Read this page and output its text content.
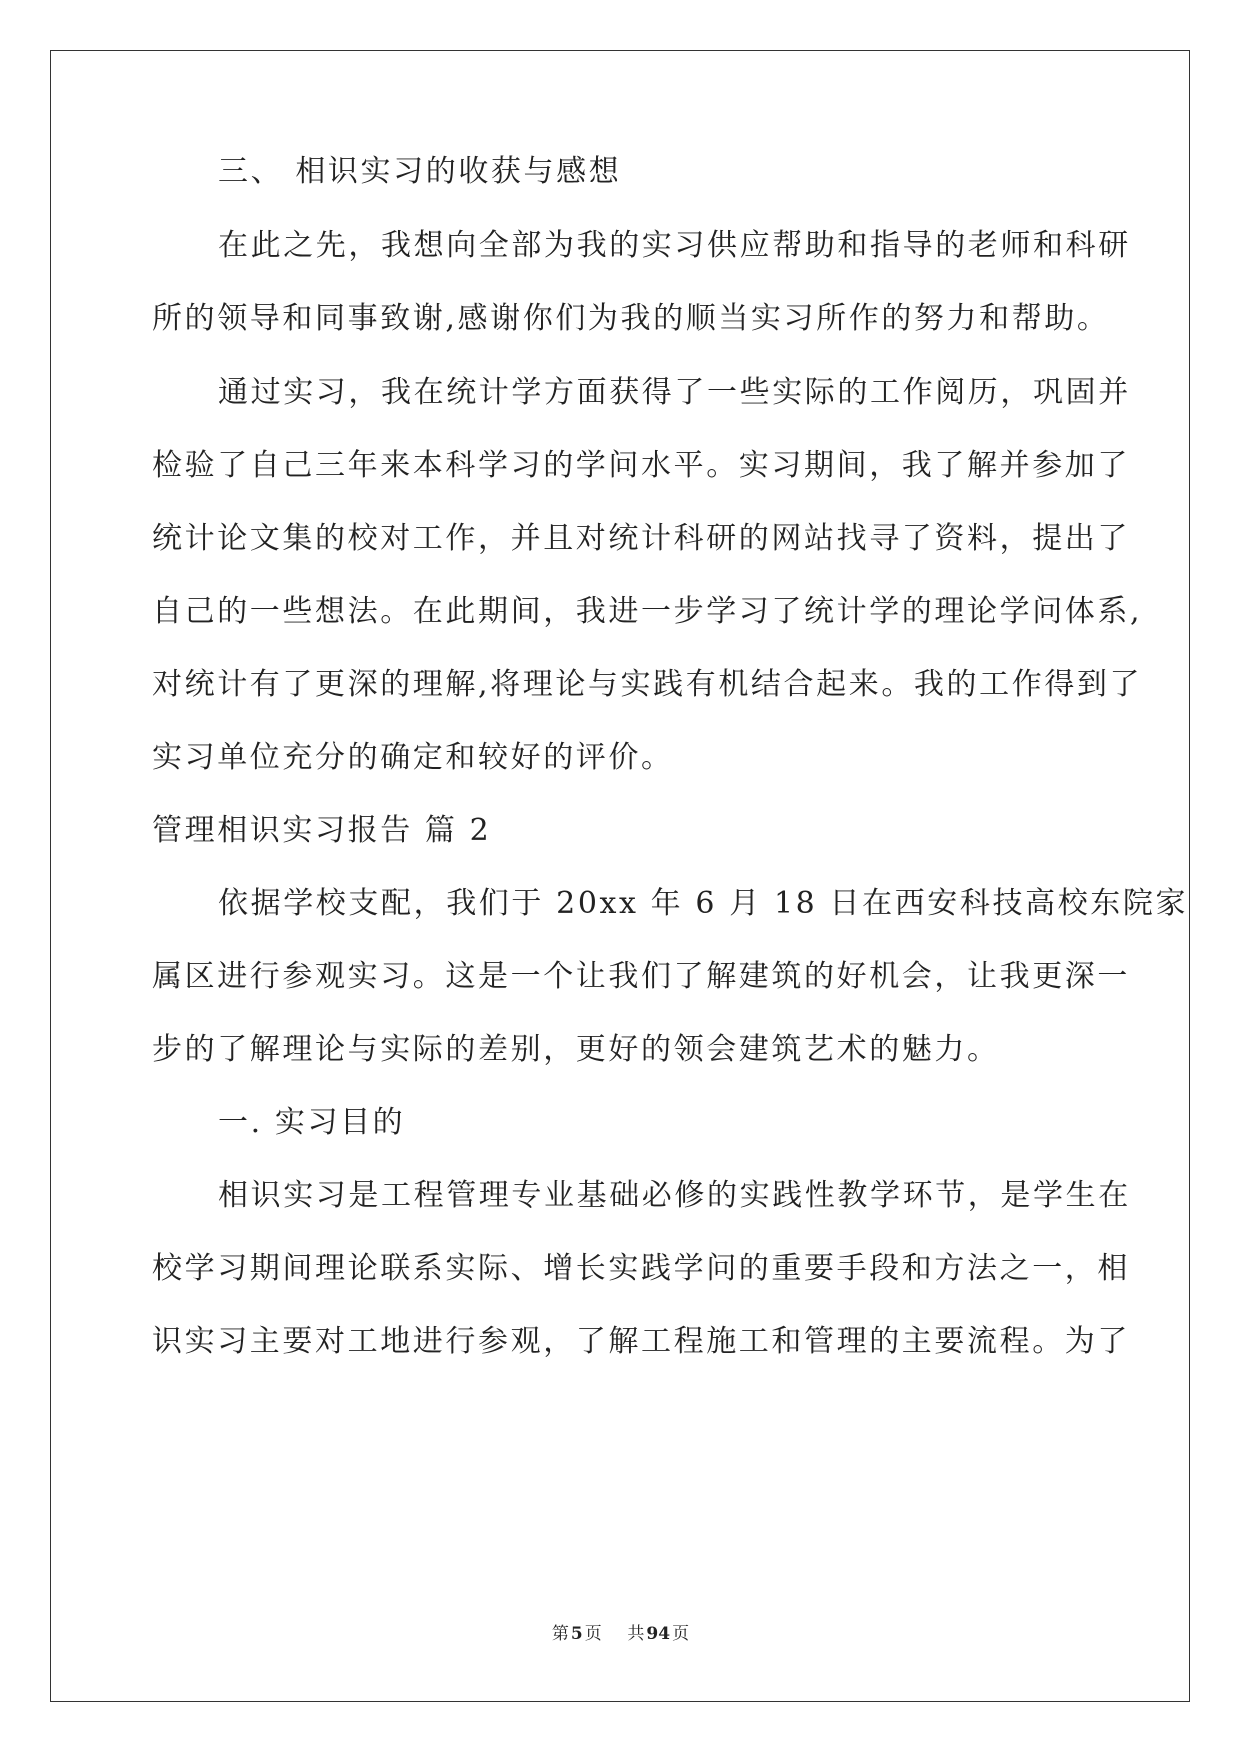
三、 相识实习的收获与感想
在此之先，我想向全部为我的实习供应帮助和指导的老师和科研
所的领导和同事致谢,感谢你们为我的顺当实习所作的努力和帮助。
通过实习，我在统计学方面获得了一些实际的工作阅历，巩固并
检验了自己三年来本科学习的学问水平。实习期间，我了解并参加了
统计论文集的校对工作，并且对统计科研的网站找寻了资料，提出了
自己的一些想法。在此期间，我进一步学习了统计学的理论学问体系,
对统计有了更深的理解,将理论与实践有机结合起来。我的工作得到了
实习单位充分的确定和较好的评价。
管理相识实习报告 篇 2
依据学校支配，我们于 20xx 年 6 月 18 日在西安科技高校东院家
属区进行参观实习。这是一个让我们了解建筑的好机会，让我更深一
步的了解理论与实际的差别，更好的领会建筑艺术的魅力。
一. 实习目的
相识实习是工程管理专业基础必修的实践性教学环节，是学生在
校学习期间理论联系实际、增长实践学问的重要手段和方法之一，相
识实习主要对工地进行参观，了解工程施工和管理的主要流程。为了
第 5 页 共 94 页
